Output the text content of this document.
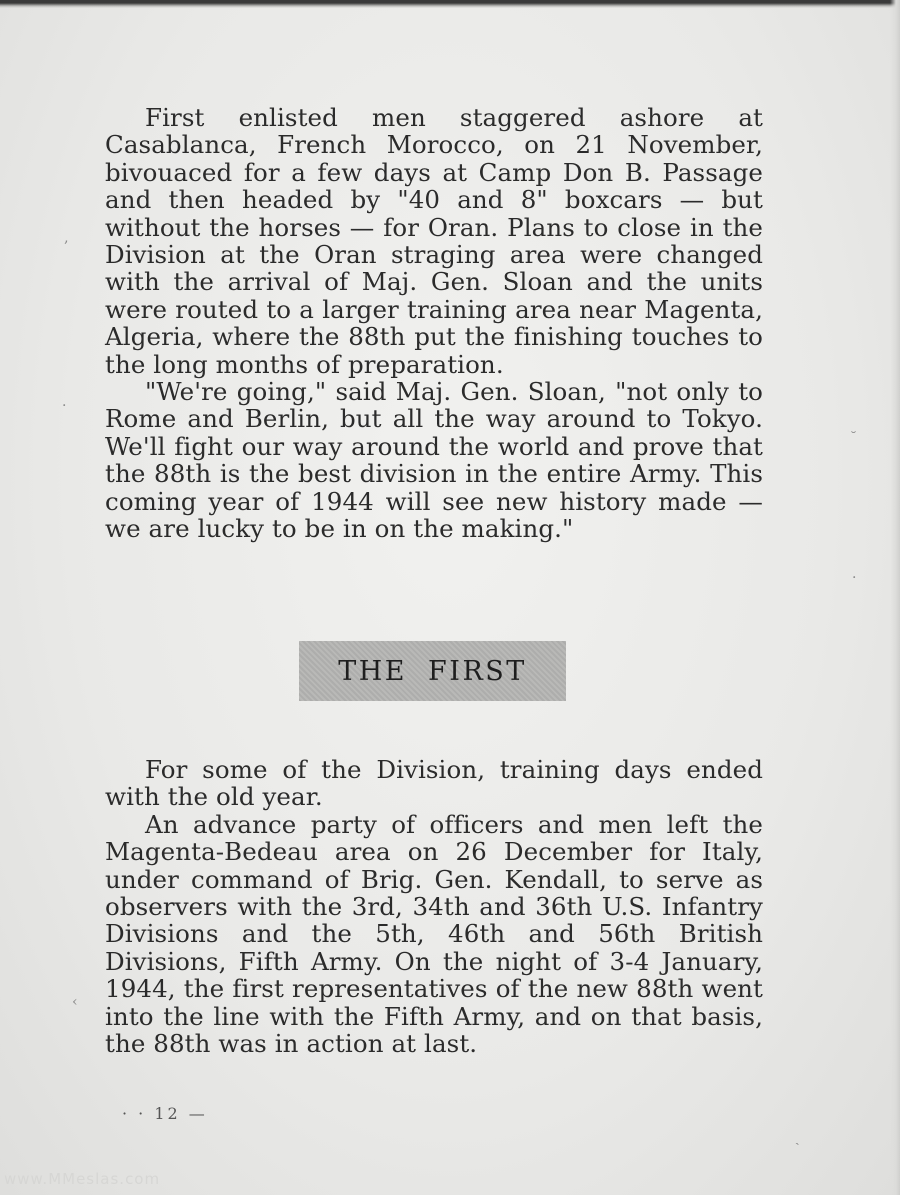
First enlisted men staggered ashore at Casablanca, French Morocco, on 21 November, bivouaced for a few days at Camp Don B. Passage and then headed by "40 and 8" boxcars — but without the horses — for Oran. Plans to close in the Division at the Oran straging area were changed with the arrival of Maj. Gen. Sloan and the units were routed to a larger training area near Magenta, Algeria, where the 88th put the finishing touches to the long months of preparation.

"We're going," said Maj. Gen. Sloan, "not only to Rome and Berlin, but all the way around to Tokyo. We'll fight our way around the world and prove that the 88th is the best division in the entire Army. This coming year of 1944 will see new history made — we are lucky to be in on the making."

THE FIRST

For some of the Division, training days ended with the old year.

An advance party of officers and men left the Magenta-Bedeau area on 26 December for Italy, under command of Brig. Gen. Kendall, to serve as observers with the 3rd, 34th and 36th U.S. Infantry Divisions and the 5th, 46th and 56th British Divisions, Fifth Army. On the night of 3-4 January, 1944, the first representatives of the new 88th went into the line with the Fifth Army, and on that basis, the 88th was in action at last.

· · 12 —
www.MMeslas.com
‚
·
˘
·
‹
ˏ
